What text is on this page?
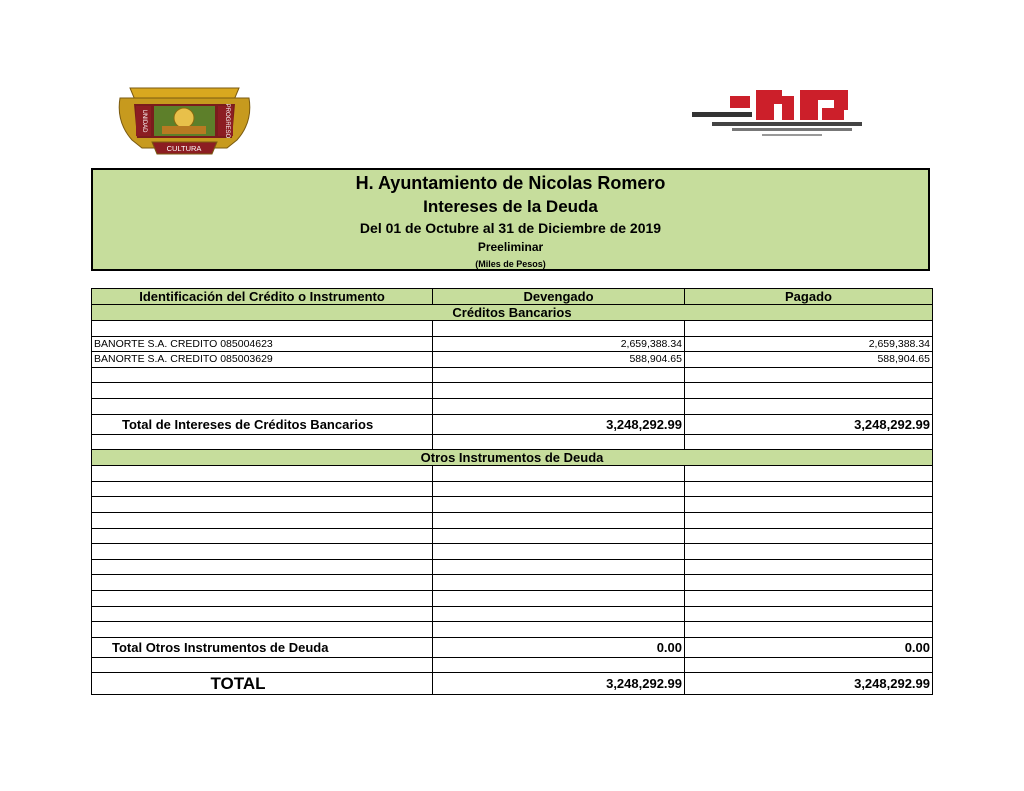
UNIDAD	PROGRESO
CULTURA
H. Ayuntamiento de Nicolas Romero
Intereses de la Deuda
Del 01 de Octubre al 31 de Diciembre de 2019
Preeliminar
(Miles de Pesos)
Identificación del Crédito o Instrumento	Devengado	Pagado
Créditos Bancarios		

BANORTE S.A. CREDITO 085004623	2,659,388.34	2,659,388.34
BANORTE S.A. CREDITO 085003629	588,904.65	588,904.65

Total de Intereses de Créditos Bancarios	3,248,292.99	3,248,292.99

Otros Instrumentos de Deuda		

Total Otros Instrumentos de Deuda	0.00	0.00

TOTAL	3,248,292.99	3,248,292.99
